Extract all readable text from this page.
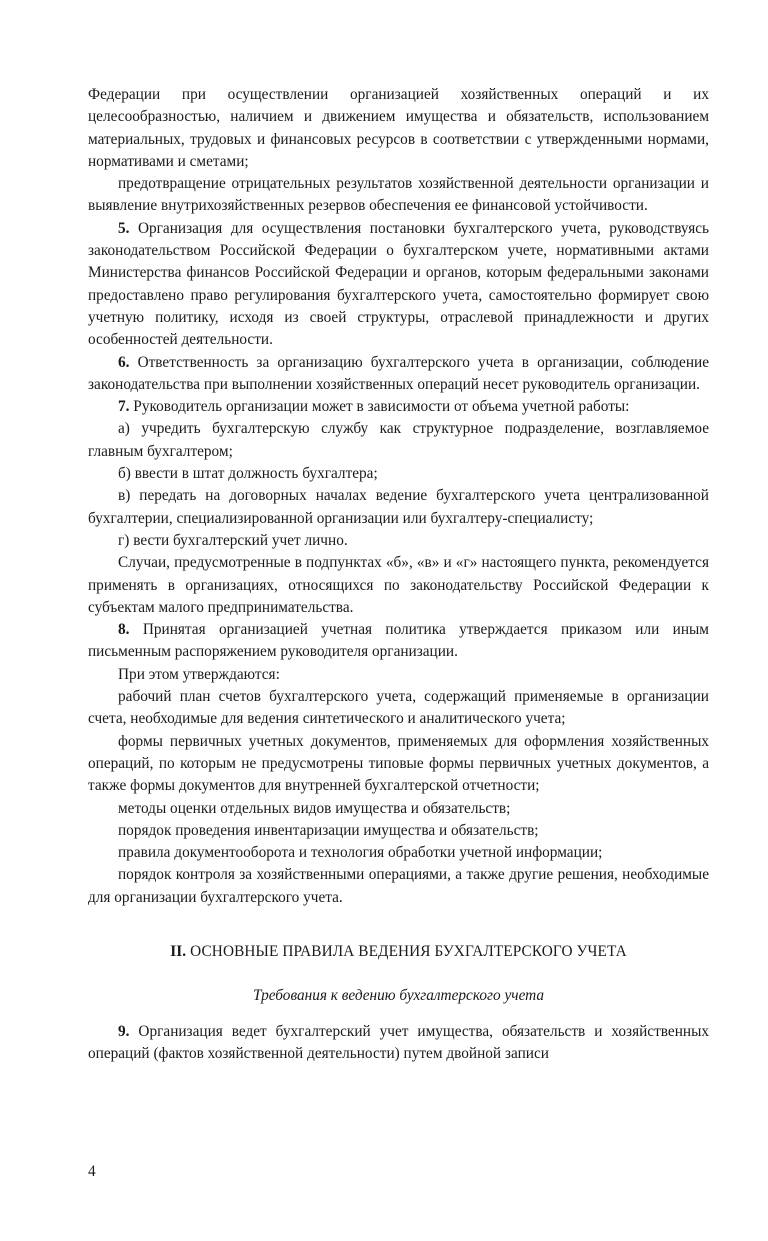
Федерации при осуществлении организацией хозяйственных операций и их целесообразностью, наличием и движением имущества и обязательств, использованием материальных, трудовых и финансовых ресурсов в соответствии с утвержденными нормами, нормативами и сметами;

предотвращение отрицательных результатов хозяйственной деятельности организации и выявление внутрихозяйственных резервов обеспечения ее финансовой устойчивости.

5. Организация для осуществления постановки бухгалтерского учета, руководствуясь законодательством Российской Федерации о бухгалтерском учете, нормативными актами Министерства финансов Российской Федерации и органов, которым федеральными законами предоставлено право регулирования бухгалтерского учета, самостоятельно формирует свою учетную политику, исходя из своей структуры, отраслевой принадлежности и других особенностей деятельности.

6. Ответственность за организацию бухгалтерского учета в организации, соблюдение законодательства при выполнении хозяйственных операций несет руководитель организации.

7. Руководитель организации может в зависимости от объема учетной работы:

а) учредить бухгалтерскую службу как структурное подразделение, возглавляемое главным бухгалтером;

б) ввести в штат должность бухгалтера;

в) передать на договорных началах ведение бухгалтерского учета централизованной бухгалтерии, специализированной организации или бухгалтеру-специалисту;

г) вести бухгалтерский учет лично.

Случаи, предусмотренные в подпунктах «б», «в» и «г» настоящего пункта, рекомендуется применять в организациях, относящихся по законодательству Российской Федерации к субъектам малого предпринимательства.

8. Принятая организацией учетная политика утверждается приказом или иным письменным распоряжением руководителя организации.

При этом утверждаются:

рабочий план счетов бухгалтерского учета, содержащий применяемые в организации счета, необходимые для ведения синтетического и аналитического учета;

формы первичных учетных документов, применяемых для оформления хозяйственных операций, по которым не предусмотрены типовые формы первичных учетных документов, а также формы документов для внутренней бухгалтерской отчетности;

методы оценки отдельных видов имущества и обязательств;

порядок проведения инвентаризации имущества и обязательств;

правила документооборота и технология обработки учетной информации;

порядок контроля за хозяйственными операциями, а также другие решения, необходимые для организации бухгалтерского учета.

II. ОСНОВНЫЕ ПРАВИЛА ВЕДЕНИЯ БУХГАЛТЕРСКОГО УЧЕТА
Требования к ведению бухгалтерского учета

9. Организация ведет бухгалтерский учет имущества, обязательств и хозяйственных операций (фактов хозяйственной деятельности) путем двойной записи

4
